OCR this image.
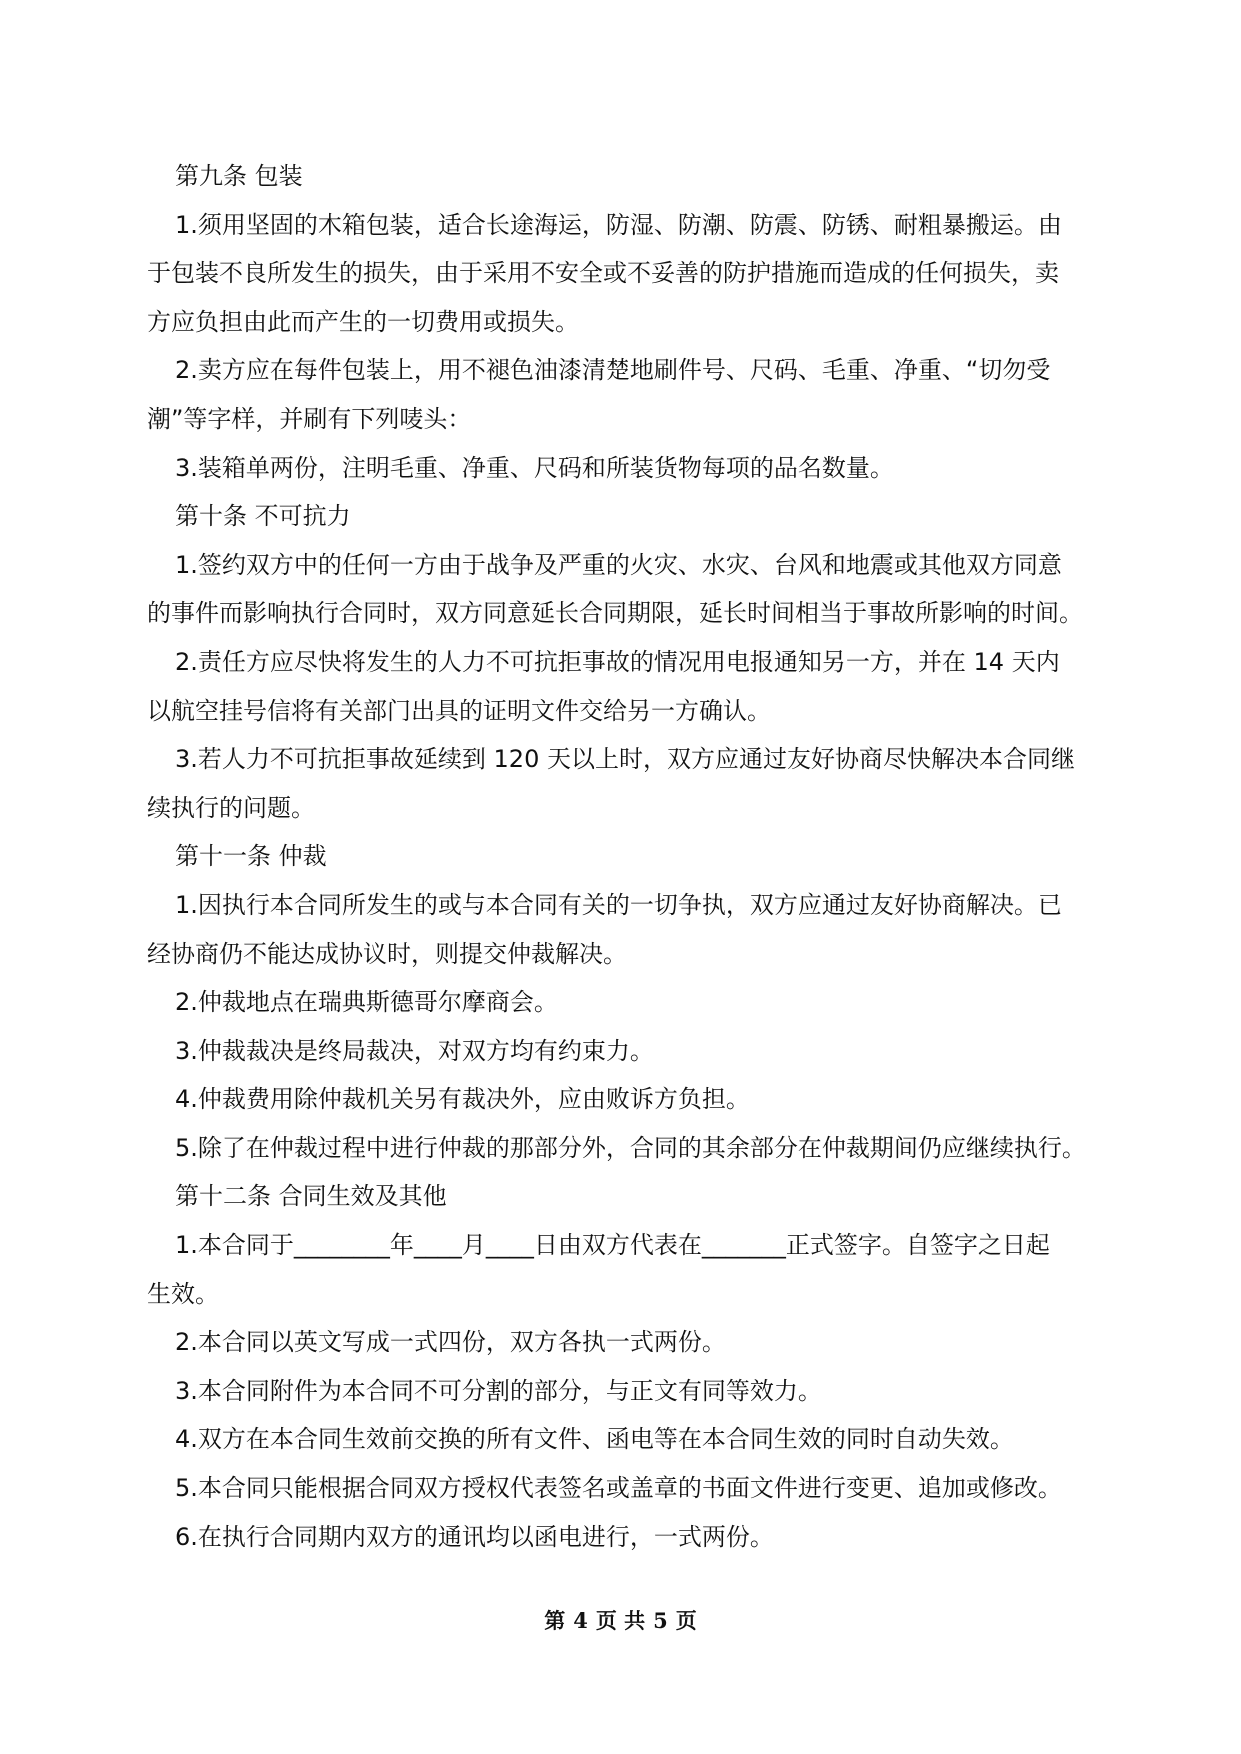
第九条 包装
1.须用坚固的木箱包装，适合长途海运，防湿、防潮、防震、防锈、耐粗暴搬运。由
于包装不良所发生的损失，由于采用不安全或不妥善的防护措施而造成的任何损失，卖
方应负担由此而产生的一切费用或损失。
2.卖方应在每件包装上，用不褪色油漆清楚地刷件号、尺码、毛重、净重、“切勿受
潮”等字样，并刷有下列唛头：
3.装箱单两份，注明毛重、净重、尺码和所装货物每项的品名数量。
第十条 不可抗力
1.签约双方中的任何一方由于战争及严重的火灾、水灾、台风和地震或其他双方同意
的事件而影响执行合同时，双方同意延长合同期限，延长时间相当于事故所影响的时间。
2.责任方应尽快将发生的人力不可抗拒事故的情况用电报通知另一方，并在 14 天内
以航空挂号信将有关部门出具的证明文件交给另一方确认。
3.若人力不可抗拒事故延续到 120 天以上时，双方应通过友好协商尽快解决本合同继
续执行的问题。
第十一条 仲裁
1.因执行本合同所发生的或与本合同有关的一切争执，双方应通过友好协商解决。已
经协商仍不能达成协议时，则提交仲裁解决。
2.仲裁地点在瑞典斯德哥尔摩商会。
3.仲裁裁决是终局裁决，对双方均有约束力。
4.仲裁费用除仲裁机关另有裁决外，应由败诉方负担。
5.除了在仲裁过程中进行仲裁的那部分外，合同的其余部分在仲裁期间仍应继续执行。
第十二条 合同生效及其他
1.本合同于________年____月____日由双方代表在_______正式签字。自签字之日起
生效。
2.本合同以英文写成一式四份，双方各执一式两份。
3.本合同附件为本合同不可分割的部分，与正文有同等效力。
4.双方在本合同生效前交换的所有文件、函电等在本合同生效的同时自动失效。
5.本合同只能根据合同双方授权代表签名或盖章的书面文件进行变更、追加或修改。
6.在执行合同期内双方的通讯均以函电进行，一式两份。
第 4 页 共 5 页
